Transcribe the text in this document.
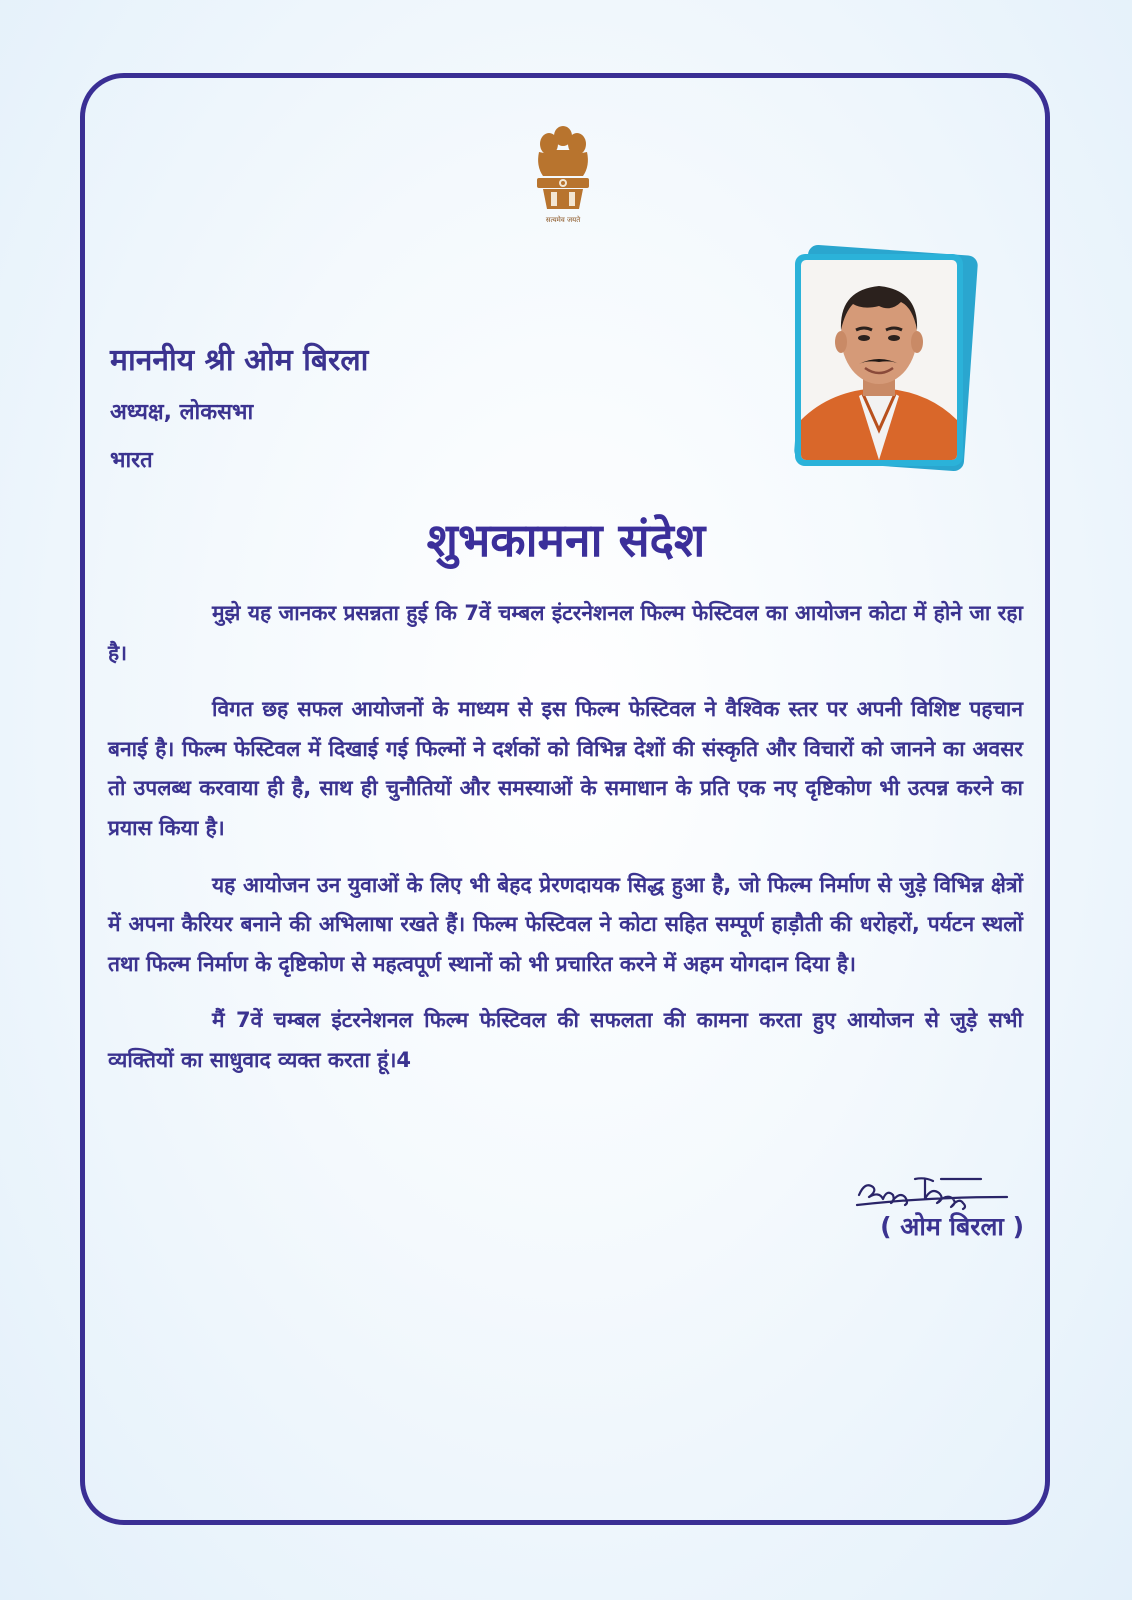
सत्यमेव जयते
माननीय श्री ओम बिरला
अध्यक्ष, लोकसभा
भारत
शुभकामना संदेश

मुझे यह जानकर प्रसन्नता हुई कि 7वें चम्बल इंटरनेशनल फिल्म फेस्टिवल का आयोजन कोटा में होने जा रहा है।

विगत छह सफल आयोजनों के माध्यम से इस फिल्म फेस्टिवल ने वैश्विक स्तर पर अपनी विशिष्ट पहचान बनाई है। फिल्म फेस्टिवल में दिखाई गई फिल्मों ने दर्शकों को विभिन्न देशों की संस्कृति और विचारों को जानने का अवसर तो उपलब्ध करवाया ही है, साथ ही चुनौतियों और समस्याओं के समाधान के प्रति एक नए दृष्टिकोण भी उत्पन्न करने का प्रयास किया है।

यह आयोजन उन युवाओं के लिए भी बेहद प्रेरणदायक सिद्ध हुआ है, जो फिल्म निर्माण से जुड़े विभिन्न क्षेत्रों में अपना कैरियर बनाने की अभिलाषा रखते हैं। फिल्म फेस्टिवल ने कोटा सहित सम्पूर्ण हाड़ौती की धरोहरों, पर्यटन स्थलों तथा फिल्म निर्माण के दृष्टिकोण से महत्वपूर्ण स्थानों को भी प्रचारित करने में अहम योगदान दिया है।

मैं 7वें चम्बल इंटरनेशनल फिल्म फेस्टिवल की सफलता की कामना करता हुए आयोजन से जुड़े सभी व्यक्तियों का साधुवाद व्यक्त करता हूं।4

( ओम बिरला )
